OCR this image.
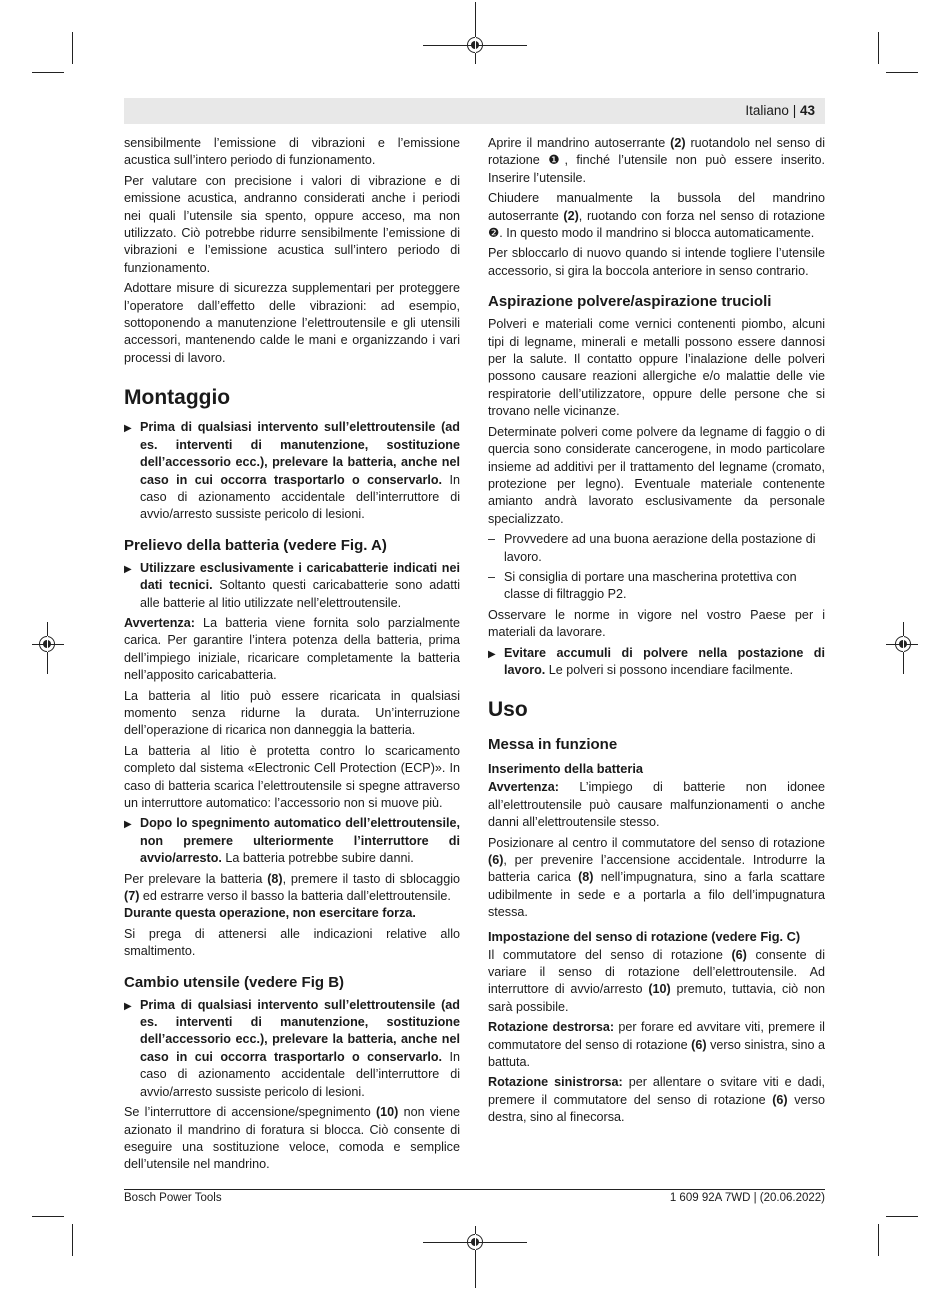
Italiano | 43

sensibilmente l’emissione di vibrazioni e l’emissione acustica sull’intero periodo di funzionamento.

Per valutare con precisione i valori di vibrazione e di emissione acustica, andranno considerati anche i periodi nei quali l’utensile sia spento, oppure acceso, ma non utilizzato. Ciò potrebbe ridurre sensibilmente l’emissione di vibrazioni e l’emissione acustica sull’intero periodo di funzionamento.

Adottare misure di sicurezza supplementari per proteggere l’operatore dall’effetto delle vibrazioni: ad esempio, sottoponendo a manutenzione l’elettroutensile e gli utensili accessori, mantenendo calde le mani e organizzando i vari processi di lavoro.

Montaggio
▶ Prima di qualsiasi intervento sull’elettroutensile (ad es. interventi di manutenzione, sostituzione dell’accessorio ecc.), prelevare la batteria, anche nel caso in cui occorra trasportarlo o conservarlo. In caso di azionamento accidentale dell’interruttore di avvio/arresto sussiste pericolo di lesioni.
Prelievo della batteria (vedere Fig. A)
▶ Utilizzare esclusivamente i caricabatterie indicati nei dati tecnici. Soltanto questi caricabatterie sono adatti alle batterie al litio utilizzate nell’elettroutensile.

Avvertenza: La batteria viene fornita solo parzialmente carica. Per garantire l’intera potenza della batteria, prima dell’impiego iniziale, ricaricare completamente la batteria nell’apposito caricabatteria.

La batteria al litio può essere ricaricata in qualsiasi momento senza ridurne la durata. Un’interruzione dell’operazione di ricarica non danneggia la batteria.

La batteria al litio è protetta contro lo scaricamento completo dal sistema «Electronic Cell Protection (ECP)». In caso di batteria scarica l’elettroutensile si spegne attraverso un interruttore automatico: l’accessorio non si muove più.

▶ Dopo lo spegnimento automatico dell’elettroutensile, non premere ulteriormente l’interruttore di avvio/arresto. La batteria potrebbe subire danni.

Per prelevare la batteria (8), premere il tasto di sblocaggio (7) ed estrarre verso il basso la batteria dall’elettroutensile.
Durante questa operazione, non esercitare forza.

Si prega di attenersi alle indicazioni relative allo smaltimento.

Cambio utensile (vedere Fig B)
▶ Prima di qualsiasi intervento sull’elettroutensile (ad es. interventi di manutenzione, sostituzione dell’accessorio ecc.), prelevare la batteria, anche nel caso in cui occorra trasportarlo o conservarlo. In caso di azionamento accidentale dell’interruttore di avvio/arresto sussiste pericolo di lesioni.

Se l’interruttore di accensione/spegnimento (10) non viene azionato il mandrino di foratura si blocca. Ciò consente di eseguire una sostituzione veloce, comoda e semplice dell’utensile nel mandrino.

Aprire il mandrino autoserrante (2) ruotandolo nel senso di rotazione ❶, finché l’utensile non può essere inserito. Inserire l’utensile.

Chiudere manualmente la bussola del mandrino autoserrante (2), ruotando con forza nel senso di rotazione ❷. In questo modo il mandrino si blocca automaticamente.

Per sbloccarlo di nuovo quando si intende togliere l’utensile accessorio, si gira la boccola anteriore in senso contrario.

Aspirazione polvere/aspirazione trucioli

Polveri e materiali come vernici contenenti piombo, alcuni tipi di legname, minerali e metalli possono essere dannosi per la salute. Il contatto oppure l’inalazione delle polveri possono causare reazioni allergiche e/o malattie delle vie respiratorie dell’utilizzatore, oppure delle persone che si trovano nelle vicinanze.

Determinate polveri come polvere da legname di faggio o di quercia sono considerate cancerogene, in modo particolare insieme ad additivi per il trattamento del legname (cromato, protezione per legno). Eventuale materiale contenente amianto andrà lavorato esclusivamente da personale specializzato.

– Provvedere ad una buona aerazione della postazione di lavoro.
– Si consiglia di portare una mascherina protettiva con classe di filtraggio P2.

Osservare le norme in vigore nel vostro Paese per i materiali da lavorare.

▶ Evitare accumuli di polvere nella postazione di lavoro. Le polveri si possono incendiare facilmente.
Uso
Messa in funzione
Inserimento della batteria

Avvertenza: L’impiego di batterie non idonee all’elettroutensile può causare malfunzionamenti o anche danni all’elettroutensile stesso.

Posizionare al centro il commutatore del senso di rotazione (6), per prevenire l’accensione accidentale. Introdurre la batteria carica (8) nell’impugnatura, sino a farla scattare udibilmente in sede e a portarla a filo dell’impugnatura stessa.

Impostazione del senso di rotazione (vedere Fig. C)

Il commutatore del senso di rotazione (6) consente di variare il senso di rotazione dell’elettroutensile. Ad interruttore di avvio/arresto (10) premuto, tuttavia, ciò non sarà possibile.

Rotazione destrorsa: per forare ed avvitare viti, premere il commutatore del senso di rotazione (6) verso sinistra, sino a battuta.

Rotazione sinistrorsa: per allentare o svitare viti e dadi, premere il commutatore del senso di rotazione (6) verso destra, sino al finecorsa.

Bosch Power Tools	1 609 92A 7WD | (20.06.2022)
